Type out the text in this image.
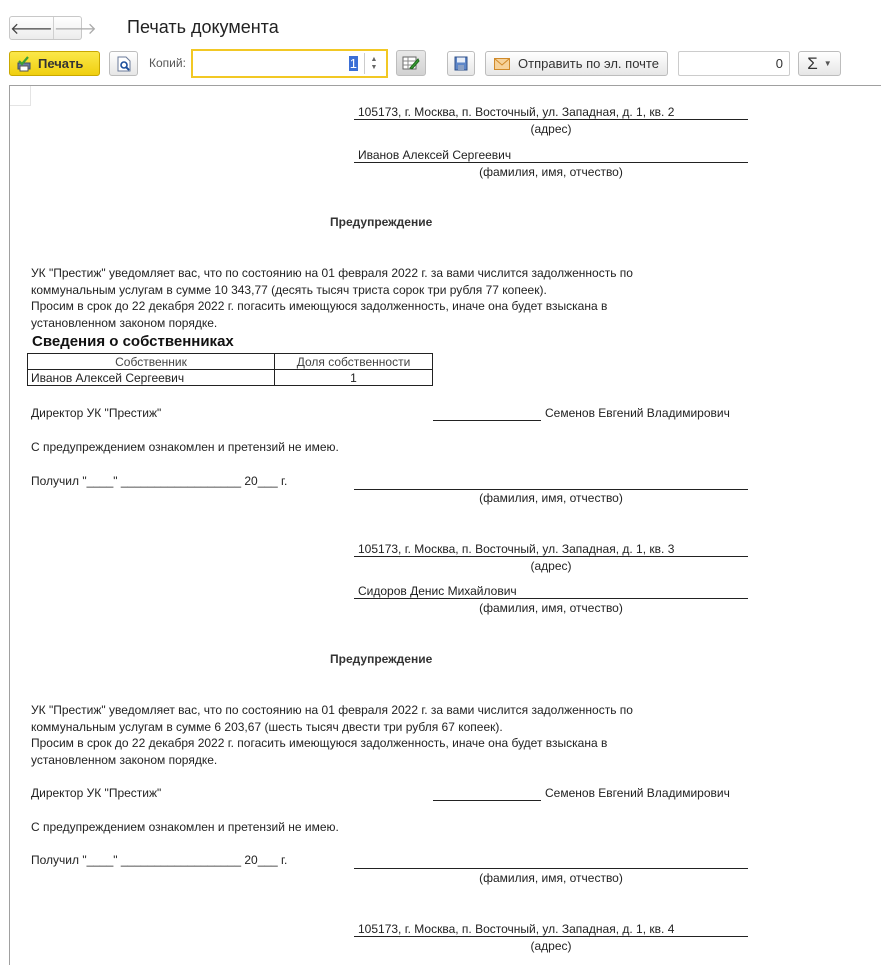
🡐 🡒 Печать документа
Печать	Копий:	1 ▲
▼	Отправить по эл. почте	0 Σ ▼
105173, г. Москва, п. Восточный, ул. Западная, д. 1, кв. 2
(адрес)
Иванов Алексей Сергеевич
(фамилия, имя, отчество)
Предупреждение
УК "Престиж" уведомляет вас, что по состоянию на 01 февраля 2022 г. за вами числится задолженность по
коммунальным услугам в сумме 10 343,77 (десять тысяч триста сорок три рубля 77 копеек).
Просим в срок до 22 декабря 2022 г. погасить имеющуюся задолженность, иначе она будет взыскана в
установленном законом порядке.
Сведения о собственниках
Собственник	Доля собственности
Иванов Алексей Сергеевич	1
Директор УК "Престиж"	Семенов Евгений Владимирович
С предупреждением ознакомлен и претензий не имею.
Получил "____" __________________ 20___ г.
(фамилия, имя, отчество)
105173, г. Москва, п. Восточный, ул. Западная, д. 1, кв. 3
(адрес)
Сидоров Денис Михайлович
(фамилия, имя, отчество)
Предупреждение
УК "Престиж" уведомляет вас, что по состоянию на 01 февраля 2022 г. за вами числится задолженность по
коммунальным услугам в сумме 6 203,67 (шесть тысяч двести три рубля 67 копеек).
Просим в срок до 22 декабря 2022 г. погасить имеющуюся задолженность, иначе она будет взыскана в
установленном законом порядке.
Директор УК "Престиж"	Семенов Евгений Владимирович
С предупреждением ознакомлен и претензий не имею.
Получил "____" __________________ 20___ г.
(фамилия, имя, отчество)
105173, г. Москва, п. Восточный, ул. Западная, д. 1, кв. 4
(адрес)
